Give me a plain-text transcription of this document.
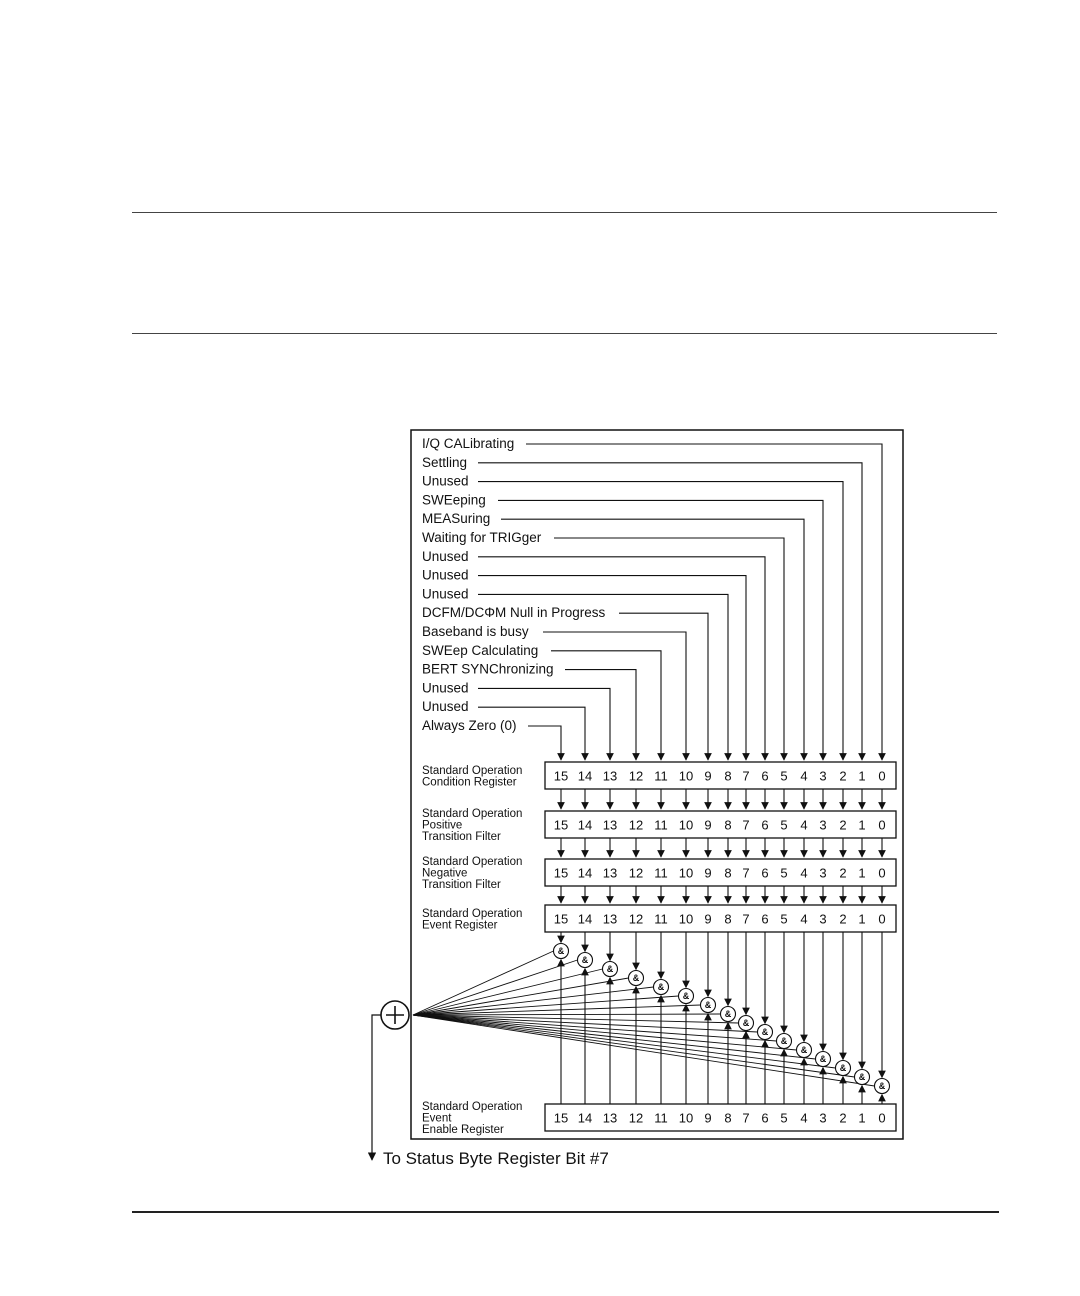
I/Q CALibrating
Settling
Unused
SWEeping
MEASuring
Waiting for TRIGger
Unused
Unused
Unused
DCFM/DCΦM Null in Progress
Baseband is busy
SWEep Calculating
BERT SYNChronizing
Unused
Unused
Always Zero (0)
Standard Operation
Condition Register	15 14 13 12 11 10 9 8 7 6 5 4 3 2 1 0
Standard Operation
Positive
Transition Filter
15 14 13 12 11 10 9 8 7 6 5 4 3 2 1 0
Standard Operation
Negative
Transition Filter
15 14 13 12 11 10 9 8 7 6 5 4 3 2 1 0
Standard Operation
Event Register	15 14 13 12 11 10 9 8 7 6 5 4 3 2 1 0
Standard Operation
Event
Enable Register
15 14 13 12 11 10 9 8 7 6 5 4 3 2 1 0
&
&
&
&
&
&
&
&
&
&
&
&
&
&
&
&
To Status Byte Register Bit #7
